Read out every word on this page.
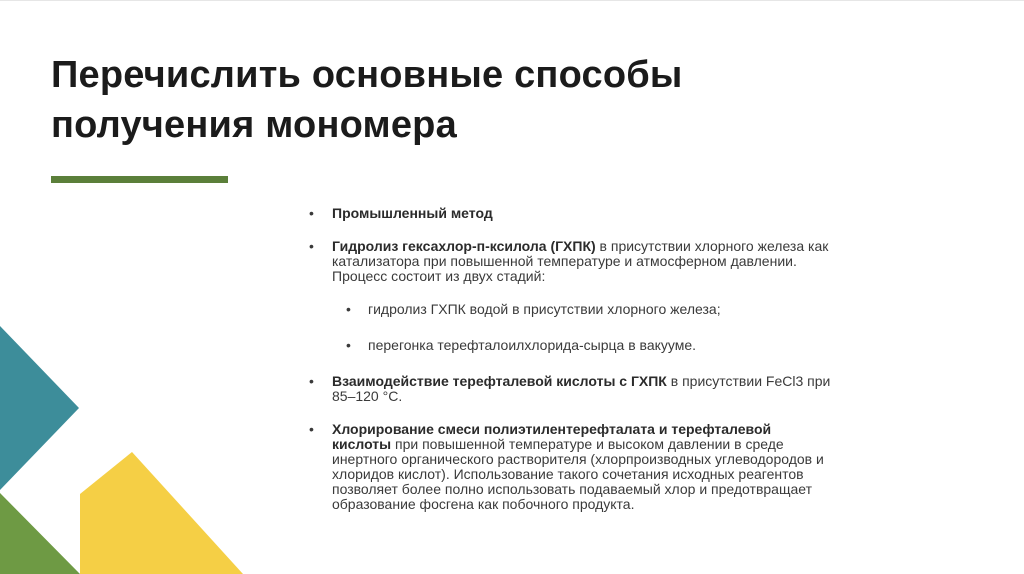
Перечислить основные способы
получения мономера
• Промышленный метод
• Гидролиз гексахлор-п-ксилола (ГХПК) в присутствии хлорного железа как
катализатора при повышенной температуре и атмосферном давлении.
Процесс состоит из двух стадий:
• гидролиз ГХПК водой в присутствии хлорного железа;
• перегонка терефталоилхлорида-сырца в вакууме.
• Взаимодействие терефталевой кислоты с ГХПК в присутствии FeCl3 при
85–120 °С.
• Хлорирование смеси полиэтилентерефталата и терефталевой
кислоты при повышенной температуре и высоком давлении в среде
инертного органического растворителя (хлорпроизводных углеводородов и
хлоридов кислот). Использование такого сочетания исходных реагентов
позволяет более полно использовать подаваемый хлор и предотвращает
образование фосгена как побочного продукта.
